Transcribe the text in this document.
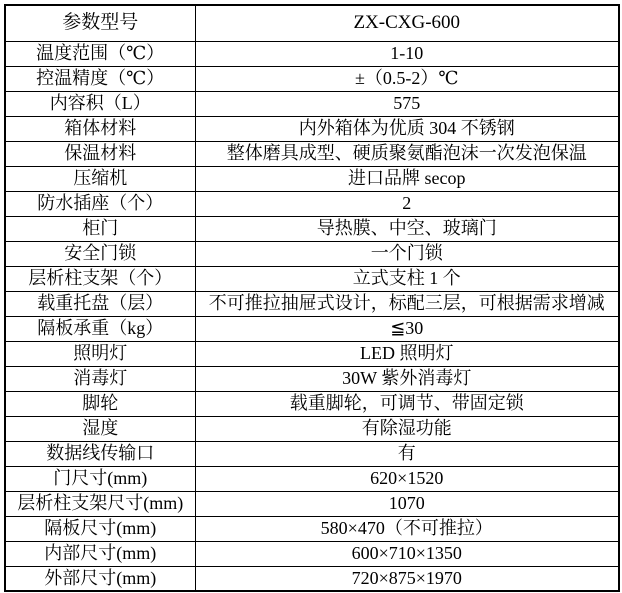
参数型号	ZX-CXG-600
温度范围（℃）	1-10
控温精度（℃）	±（0.5-2）℃
内容积（L）	575
箱体材料	内外箱体为优质 304 不锈钢
保温材料	整体磨具成型、硬质聚氨酯泡沫一次发泡保温
压缩机	进口品牌 secop
防水插座（个）	2
柜门	导热膜、中空、玻璃门
安全门锁	一个门锁
层析柱支架（个）	立式支柱 1 个
载重托盘（层）	不可推拉抽屉式设计，标配三层，可根据需求增减
隔板承重（kg）	≦30
照明灯	LED 照明灯
消毒灯	30W 紫外消毒灯
脚轮	载重脚轮，可调节、带固定锁
湿度	有除湿功能
数据线传输口	有
门尺寸(mm)	620×1520
层析柱支架尺寸(mm)	1070
隔板尺寸(mm)	580×470（不可推拉）
内部尺寸(mm)	600×710×1350
外部尺寸(mm)	720×875×1970
